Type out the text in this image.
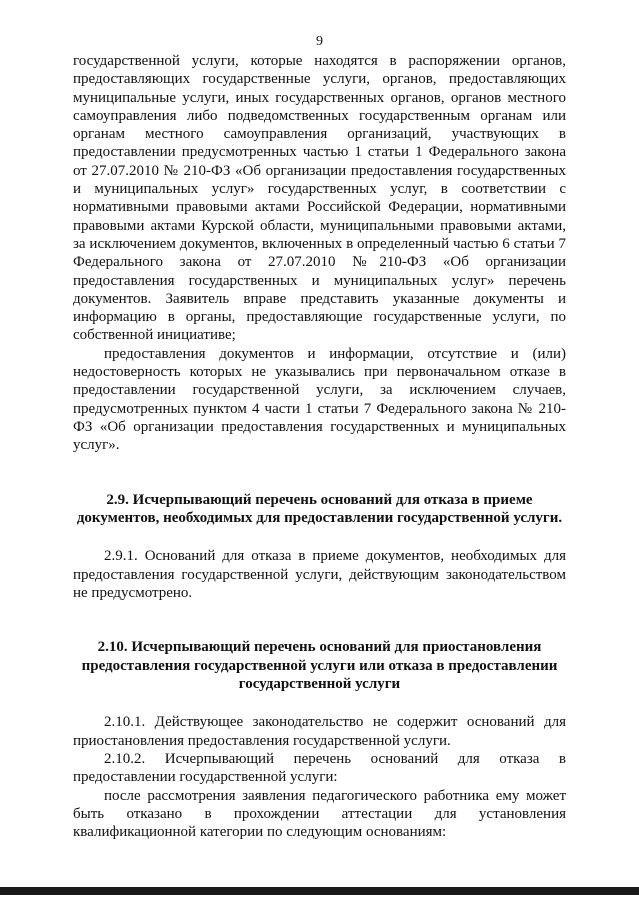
9

государственной услуги, которые находятся в распоряжении органов, предоставляющих государственные услуги, органов, предоставляющих муниципальные услуги, иных государственных органов, органов местного самоуправления либо подведомственных государственным органам или органам местного самоуправления организаций, участвующих в предоставлении предусмотренных частью 1 статьи 1 Федерального закона от 27.07.2010 № 210-ФЗ «Об организации предоставления государственных и муниципальных услуг» государственных услуг, в соответствии с нормативными правовыми актами Российской Федерации, нормативными правовыми актами Курской области, муниципальными правовыми актами, за исключением документов, включенных в определенный частью 6 статьи 7 Федерального закона от 27.07.2010 №210-ФЗ «Об организации предоставления государственных и муниципальных услуг» перечень документов. Заявитель вправе представить указанные документы и информацию в органы, предоставляющие государственные услуги, по собственной инициативе;

предоставления документов и информации, отсутствие и (или) недостоверность которых не указывались при первоначальном отказе в предоставлении государственной услуги, за исключением случаев, предусмотренных пунктом 4 части 1 статьи 7 Федерального закона № 210-ФЗ «Об организации предоставления государственных и муниципальных услуг».

2.9. Исчерпывающий перечень оснований для отказа в приеме документов, необходимых для предоставлении государственной услуги.

2.9.1. Оснований для отказа в приеме документов, необходимых для предоставления государственной услуги, действующим законодательством не предусмотрено.

2.10. Исчерпывающий перечень оснований для приостановления предоставления государственной услуги или отказа в предоставлении государственной услуги

2.10.1. Действующее законодательство не содержит оснований для приостановления предоставления государственной услуги.

2.10.2. Исчерпывающий перечень оснований для отказа в предоставлении государственной услуги:

после рассмотрения заявления педагогического работника ему может быть отказано в прохождении аттестации для установления квалификационной категории по следующим основаниям:
